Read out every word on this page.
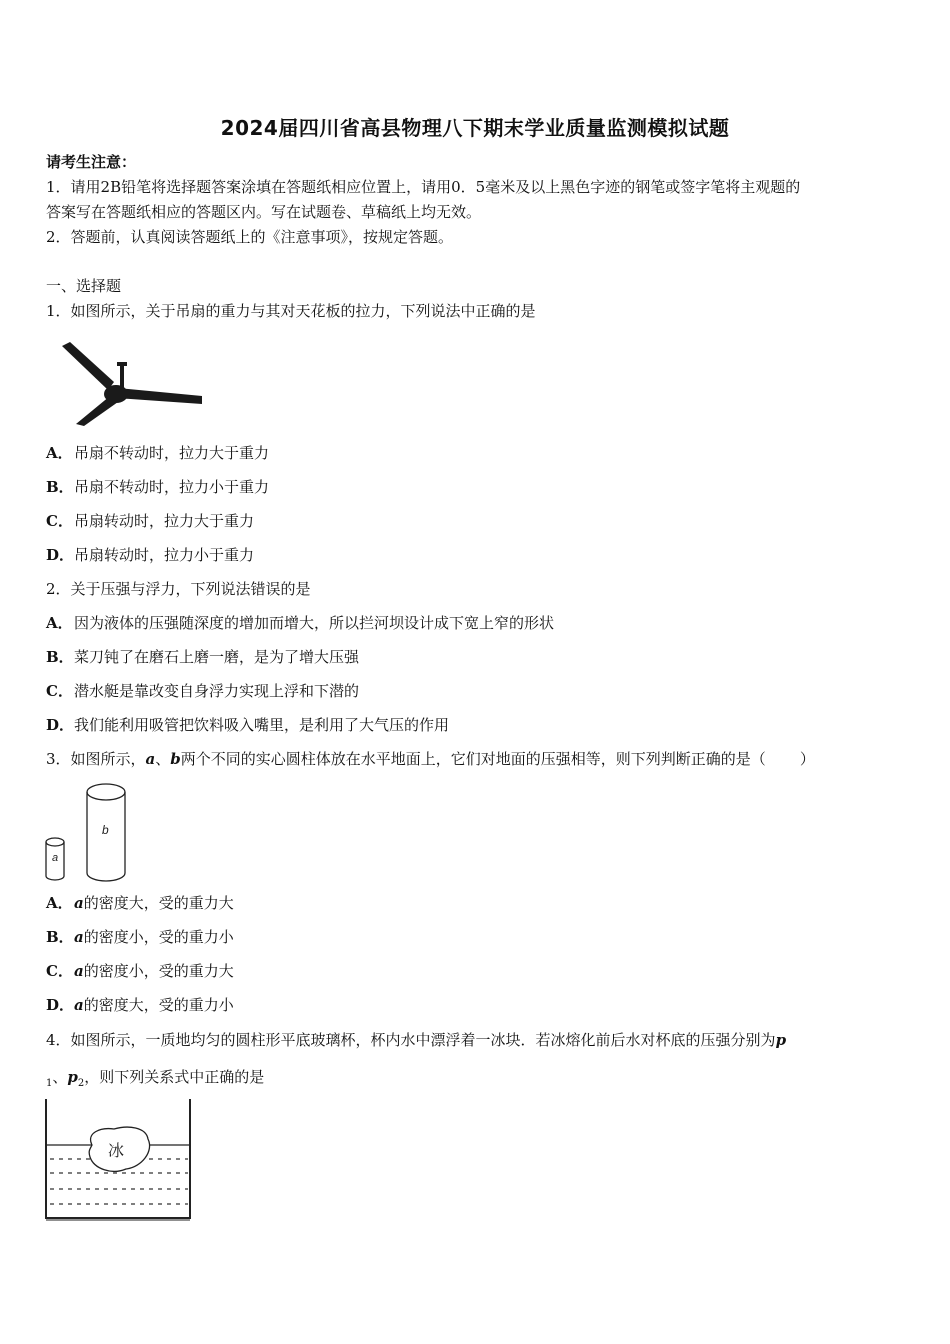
2024届四川省高县物理八下期末学业质量监测模拟试题
请考生注意：
1．请用2B铅笔将选择题答案涂填在答题纸相应位置上，请用0．5毫米及以上黑色字迹的钢笔或签字笔将主观题的
答案写在答题纸相应的答题区内。写在试题卷、草稿纸上均无效。
2．答题前，认真阅读答题纸上的《注意事项》，按规定答题。
一、选择题
1．如图所示，关于吊扇的重力与其对天花板的拉力，下列说法中正确的是
A．吊扇不转动时，拉力大于重力
B．吊扇不转动时，拉力小于重力
C．吊扇转动时，拉力大于重力
D．吊扇转动时，拉力小于重力
2．关于压强与浮力，下列说法错误的是
A．因为液体的压强随深度的增加而增大，所以拦河坝设计成下宽上窄的形状
B．菜刀钝了在磨石上磨一磨，是为了增大压强
C．潜水艇是靠改变自身浮力实现上浮和下潜的
D．我们能利用吸管把饮料吸入嘴里，是利用了大气压的作用
3．如图所示，a、b两个不同的实心圆柱体放在水平地面上，它们对地面的压强相等，则下列判断正确的是（ ）
a
b
A．a的密度大，受的重力大
B．a的密度小，受的重力小
C．a的密度小，受的重力大
D．a的密度大，受的重力小
4．如图所示，一质地均匀的圆柱形平底玻璃杯，杯内水中漂浮着一冰块．若冰熔化前后水对杯底的压强分别为p
$_1$、$p_2$，则下列关系式中正确的是
冰
